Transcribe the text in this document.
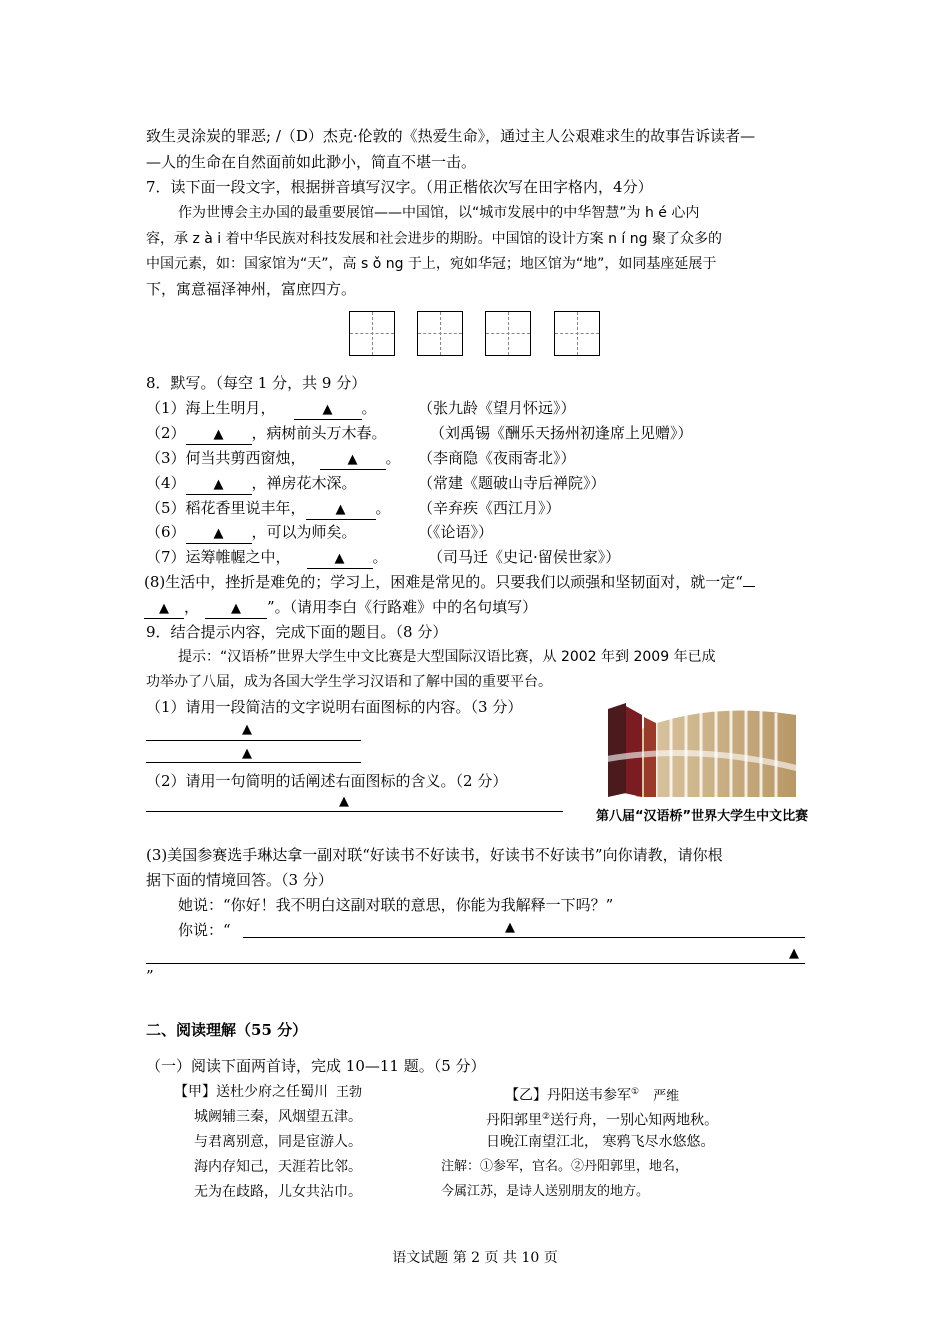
致生灵涂炭的罪恶; /（D）杰克·伦敦的《热爱生命》，通过主人公艰难求生的故事告诉读者—
—人的生命在自然面前如此渺小，简直不堪一击。
7．读下面一段文字，根据拼音填写汉字。（用正楷依次写在田字格内，4分）
作为世博会主办国的最重要展馆——中国馆，以“城市发展中的中华智慧”为 h é 心内
容，承 z à i 着中华民族对科技发展和社会进步的期盼。中国馆的设计方案 n í ng 聚了众多的
中国元素，如：国家馆为“天”，高 s ǒ ng 于上，宛如华冠；地区馆为“地”，如同基座延展于
下，寓意福泽神州，富庶四方。
8．默写。（每空 1 分，共 9 分）
（1）海上生明月，	▲ 。	（张九龄《望月怀远》）
（2） ▲ ，病树前头万木春。	（刘禹锡《酬乐天扬州初逢席上见赠》）
（3）何当共剪西窗烛，	▲ 。 （李商隐《夜雨寄北》）
（4） ▲ ，禅房花木深。	（常建《题破山寺后禅院》）
（5）稻花香里说丰年， ▲ 。 （辛弃疾《西江月》）
（6） ▲ ，可以为师矣。	（《论语》）
（7）运筹帷幄之中，	▲ 。	（司马迁《史记·留侯世家》）
(8)生活中，挫折是难免的；学习上，困难是常见的。只要我们以顽强和坚韧面对，就一定“
▲ ， ▲ ”。（请用李白《行路难》中的名句填写）
9．结合提示内容，完成下面的题目。（8 分）
提示：“汉语桥”世界大学生中文比赛是大型国际汉语比赛，从 2002 年到 2009 年已成
功举办了八届，成为各国大学生学习汉语和了解中国的重要平台。
（1）请用一段简洁的文字说明右面图标的内容。（3 分）
▲
▲
（2）请用一句简明的话阐述右面图标的含义。（2 分）
▲
第八届“汉语桥”世界大学生中文比赛
(3)美国参赛选手琳达拿一副对联“好读书不好读书，好读书不好读书”向你请教，请你根
据下面的情境回答。（3 分）
她说：“你好！我不明白这副对联的意思，你能为我解释一下吗？”
你说：“	▲
▲
”
二、阅读理解（55 分）
（一）阅读下面两首诗，完成 10—11 题。（5 分）
【甲】送杜少府之任蜀川 王勃	【乙】丹阳送韦参军① 严维
城阙辅三秦，风烟望五津。
与君离别意，同是宦游人。
海内存知己，天涯若比邻。
无为在歧路，儿女共沾巾。
丹阳郭里②送行舟，一别心知两地秋。
日晚江南望江北， 寒鸦飞尽水悠悠。
注解：①参军，官名。②丹阳郭里，地名，
今属江苏，是诗人送别朋友的地方。
语文试题 第 2 页 共 10 页
